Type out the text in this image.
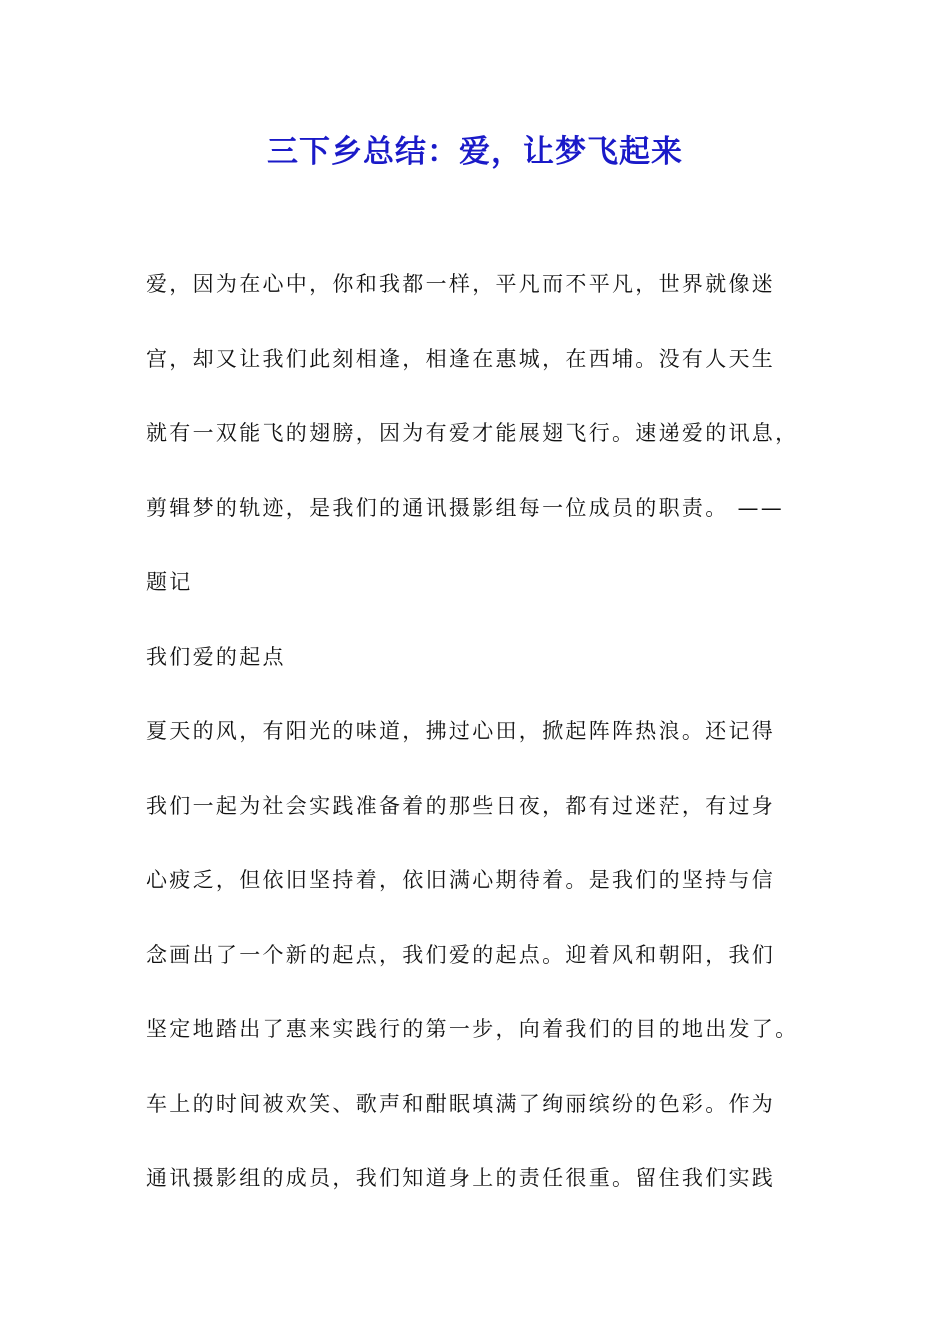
三下乡总结：爱，让梦飞起来
爱，因为在心中，你和我都一样，平凡而不平凡，世界就像迷
宫，却又让我们此刻相逢，相逢在惠城，在西埔。没有人天生
就有一双能飞的翅膀，因为有爱才能展翅飞行。速递爱的讯息，
剪辑梦的轨迹，是我们的通讯摄影组每一位成员的职责。 ——
题记
我们爱的起点
夏天的风，有阳光的味道，拂过心田，掀起阵阵热浪。还记得
我们一起为社会实践准备着的那些日夜，都有过迷茫，有过身
心疲乏，但依旧坚持着，依旧满心期待着。是我们的坚持与信
念画出了一个新的起点，我们爱的起点。迎着风和朝阳，我们
坚定地踏出了惠来实践行的第一步，向着我们的目的地出发了。
车上的时间被欢笑、歌声和酣眠填满了绚丽缤纷的色彩。作为
通讯摄影组的成员，我们知道身上的责任很重。留住我们实践
